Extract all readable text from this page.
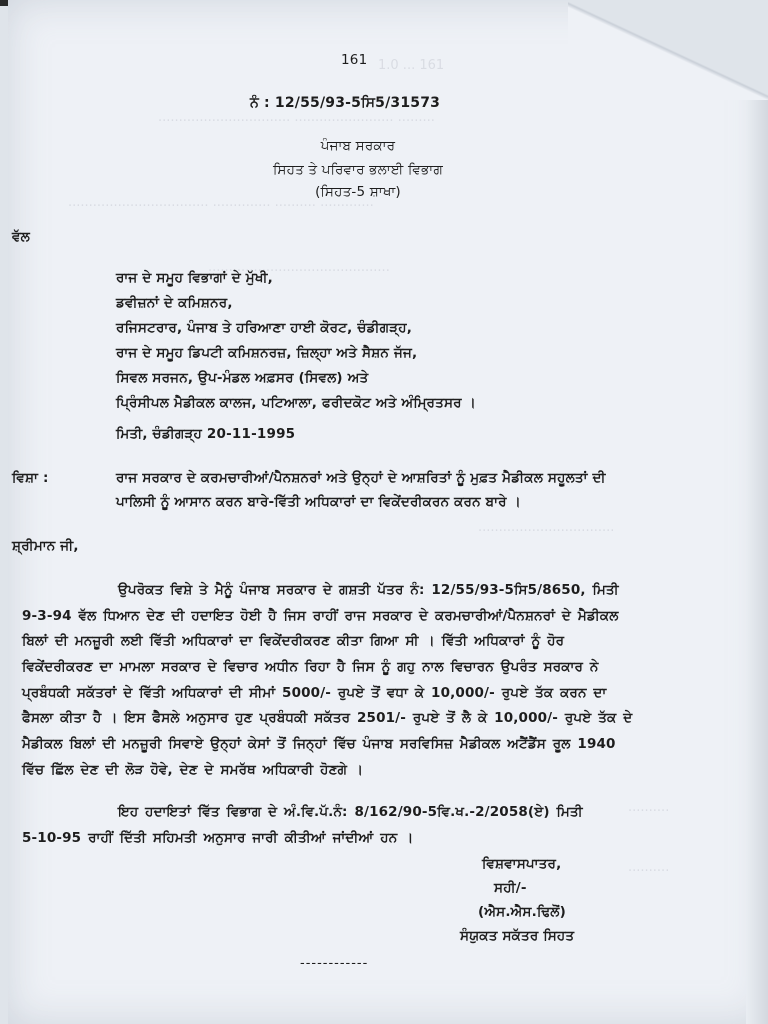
1.0 ... 161
................................ ........................ .........
.................................. .............. .......... .............
............................................
.................................
..........
..........
161
ਨੰ : 12/55/93-5ਸਿ5/31573
ਪੰਜਾਬ ਸਰਕਾਰ
ਸਿਹਤ ਤੇ ਪਰਿਵਾਰ ਭਲਾਈ ਵਿਭਾਗ
(ਸਿਹਤ-5 ਸ਼ਾਖਾ)
ਵੱਲ
ਰਾਜ ਦੇ ਸਮੂਹ ਵਿਭਾਗਾਂ ਦੇ ਮੁੱਖੀ,
ਡਵੀਜ਼ਨਾਂ ਦੇ ਕਮਿਸ਼ਨਰ,
ਰਜਿਸਟਰਾਰ, ਪੰਜਾਬ ਤੇ ਹਰਿਆਣਾ ਹਾਈ ਕੋਰਟ, ਚੰਡੀਗੜ੍ਹ,
ਰਾਜ ਦੇ ਸਮੂਹ ਡਿਪਟੀ ਕਮਿਸ਼ਨਰਜ਼, ਜ਼ਿਲ੍ਹਾ ਅਤੇ ਸੈਸ਼ਨ ਜੱਜ,
ਸਿਵਲ ਸਰਜਨ, ਉਪ-ਮੰਡਲ ਅਫ਼ਸਰ (ਸਿਵਲ) ਅਤੇ
ਪ੍ਰਿੰਸੀਪਲ ਮੈਡੀਕਲ ਕਾਲਜ, ਪਟਿਆਲਾ, ਫਰੀਦਕੋਟ ਅਤੇ ਅੰਮ੍ਰਿਤਸਰ ।
ਮਿਤੀ, ਚੰਡੀਗੜ੍ਹ 20-11-1995
ਵਿਸ਼ਾ :	ਰਾਜ ਸਰਕਾਰ ਦੇ ਕਰਮਚਾਰੀਆਂ/ਪੈਨਸ਼ਨਰਾਂ ਅਤੇ ਉਨ੍ਹਾਂ ਦੇ ਆਸ਼ਰਿਤਾਂ ਨੂੰ ਮੁਫ਼ਤ ਮੈਡੀਕਲ ਸਹੂਲਤਾਂ ਦੀ
ਪਾਲਿਸੀ ਨੂੰ ਆਸਾਨ ਕਰਨ ਬਾਰੇ-ਵਿੱਤੀ ਅਧਿਕਾਰਾਂ ਦਾ ਵਿਕੇਂਦਰੀਕਰਨ ਕਰਨ ਬਾਰੇ ।
ਸ਼੍ਰੀਮਾਨ ਜੀ,
ਉਪਰੋਕਤ ਵਿਸ਼ੇ ਤੇ ਮੈਨੂੰ ਪੰਜਾਬ ਸਰਕਾਰ ਦੇ ਗਸ਼ਤੀ ਪੱਤਰ ਨੰ: 12/55/93-5ਸਿ5/8650, ਮਿਤੀ
9-3-94 ਵੱਲ ਧਿਆਨ ਦੇਣ ਦੀ ਹਦਾਇਤ ਹੋਈ ਹੈ ਜਿਸ ਰਾਹੀਂ ਰਾਜ ਸਰਕਾਰ ਦੇ ਕਰਮਚਾਰੀਆਂ/ਪੈਨਸ਼ਨਰਾਂ ਦੇ ਮੈਡੀਕਲ
ਬਿਲਾਂ ਦੀ ਮਨਜ਼ੂਰੀ ਲਈ ਵਿੱਤੀ ਅਧਿਕਾਰਾਂ ਦਾ ਵਿਕੇਂਦਰੀਕਰਣ ਕੀਤਾ ਗਿਆ ਸੀ । ਵਿੱਤੀ ਅਧਿਕਾਰਾਂ ਨੂੰ ਹੋਰ
ਵਿਕੇਂਦਰੀਕਰਣ ਦਾ ਮਾਮਲਾ ਸਰਕਾਰ ਦੇ ਵਿਚਾਰ ਅਧੀਨ ਰਿਹਾ ਹੈ ਜਿਸ ਨੂੰ ਗਹੁ ਨਾਲ ਵਿਚਾਰਨ ਉਪਰੰਤ ਸਰਕਾਰ ਨੇ
ਪ੍ਰਬੰਧਕੀ ਸਕੱਤਰਾਂ ਦੇ ਵਿੱਤੀ ਅਧਿਕਾਰਾਂ ਦੀ ਸੀਮਾਂ 5000/- ਰੁਪਏ ਤੋਂ ਵਧਾ ਕੇ 10,000/- ਰੁਪਏ ਤੱਕ ਕਰਨ ਦਾ
ਫੈਸਲਾ ਕੀਤਾ ਹੈ । ਇਸ ਫੈਸਲੇ ਅਨੁਸਾਰ ਹੁਣ ਪ੍ਰਬੰਧਕੀ ਸਕੱਤਰ 2501/- ਰੁਪਏ ਤੋਂ ਲੈ ਕੇ 10,000/- ਰੁਪਏ ਤੱਕ ਦੇ
ਮੈਡੀਕਲ ਬਿਲਾਂ ਦੀ ਮਨਜ਼ੂਰੀ ਸਿਵਾਏ ਉਨ੍ਹਾਂ ਕੇਸਾਂ ਤੋਂ ਜਿਨ੍ਹਾਂ ਵਿੱਚ ਪੰਜਾਬ ਸਰਵਿਸਿਜ਼ ਮੈਡੀਕਲ ਅਟੈਂਡੈਂਸ ਰੂਲ 1940
ਵਿੱਚ ਛਿੱਲ ਦੇਣ ਦੀ ਲੋੜ ਹੋਵੇ, ਦੇਣ ਦੇ ਸਮਰੱਥ ਅਧਿਕਾਰੀ ਹੋਣਗੇ ।
ਇਹ ਹਦਾਇਤਾਂ ਵਿੱਤ ਵਿਭਾਗ ਦੇ ਅੰ.ਵਿ.ਪੱ.ਨੰ: 8/162/90-5ਵਿ.ਖ.-2/2058(ਏ) ਮਿਤੀ
5-10-95 ਰਾਹੀਂ ਦਿੱਤੀ ਸਹਿਮਤੀ ਅਨੁਸਾਰ ਜਾਰੀ ਕੀਤੀਆਂ ਜਾਂਦੀਆਂ ਹਨ ।
ਵਿਸ਼ਵਾਸਪਾਤਰ,
ਸਹੀ/-
(ਐਸ.ਐਸ.ਢਿਲੋਂ)
ਸੰਯੁਕਤ ਸਕੱਤਰ ਸਿਹਤ
------------
